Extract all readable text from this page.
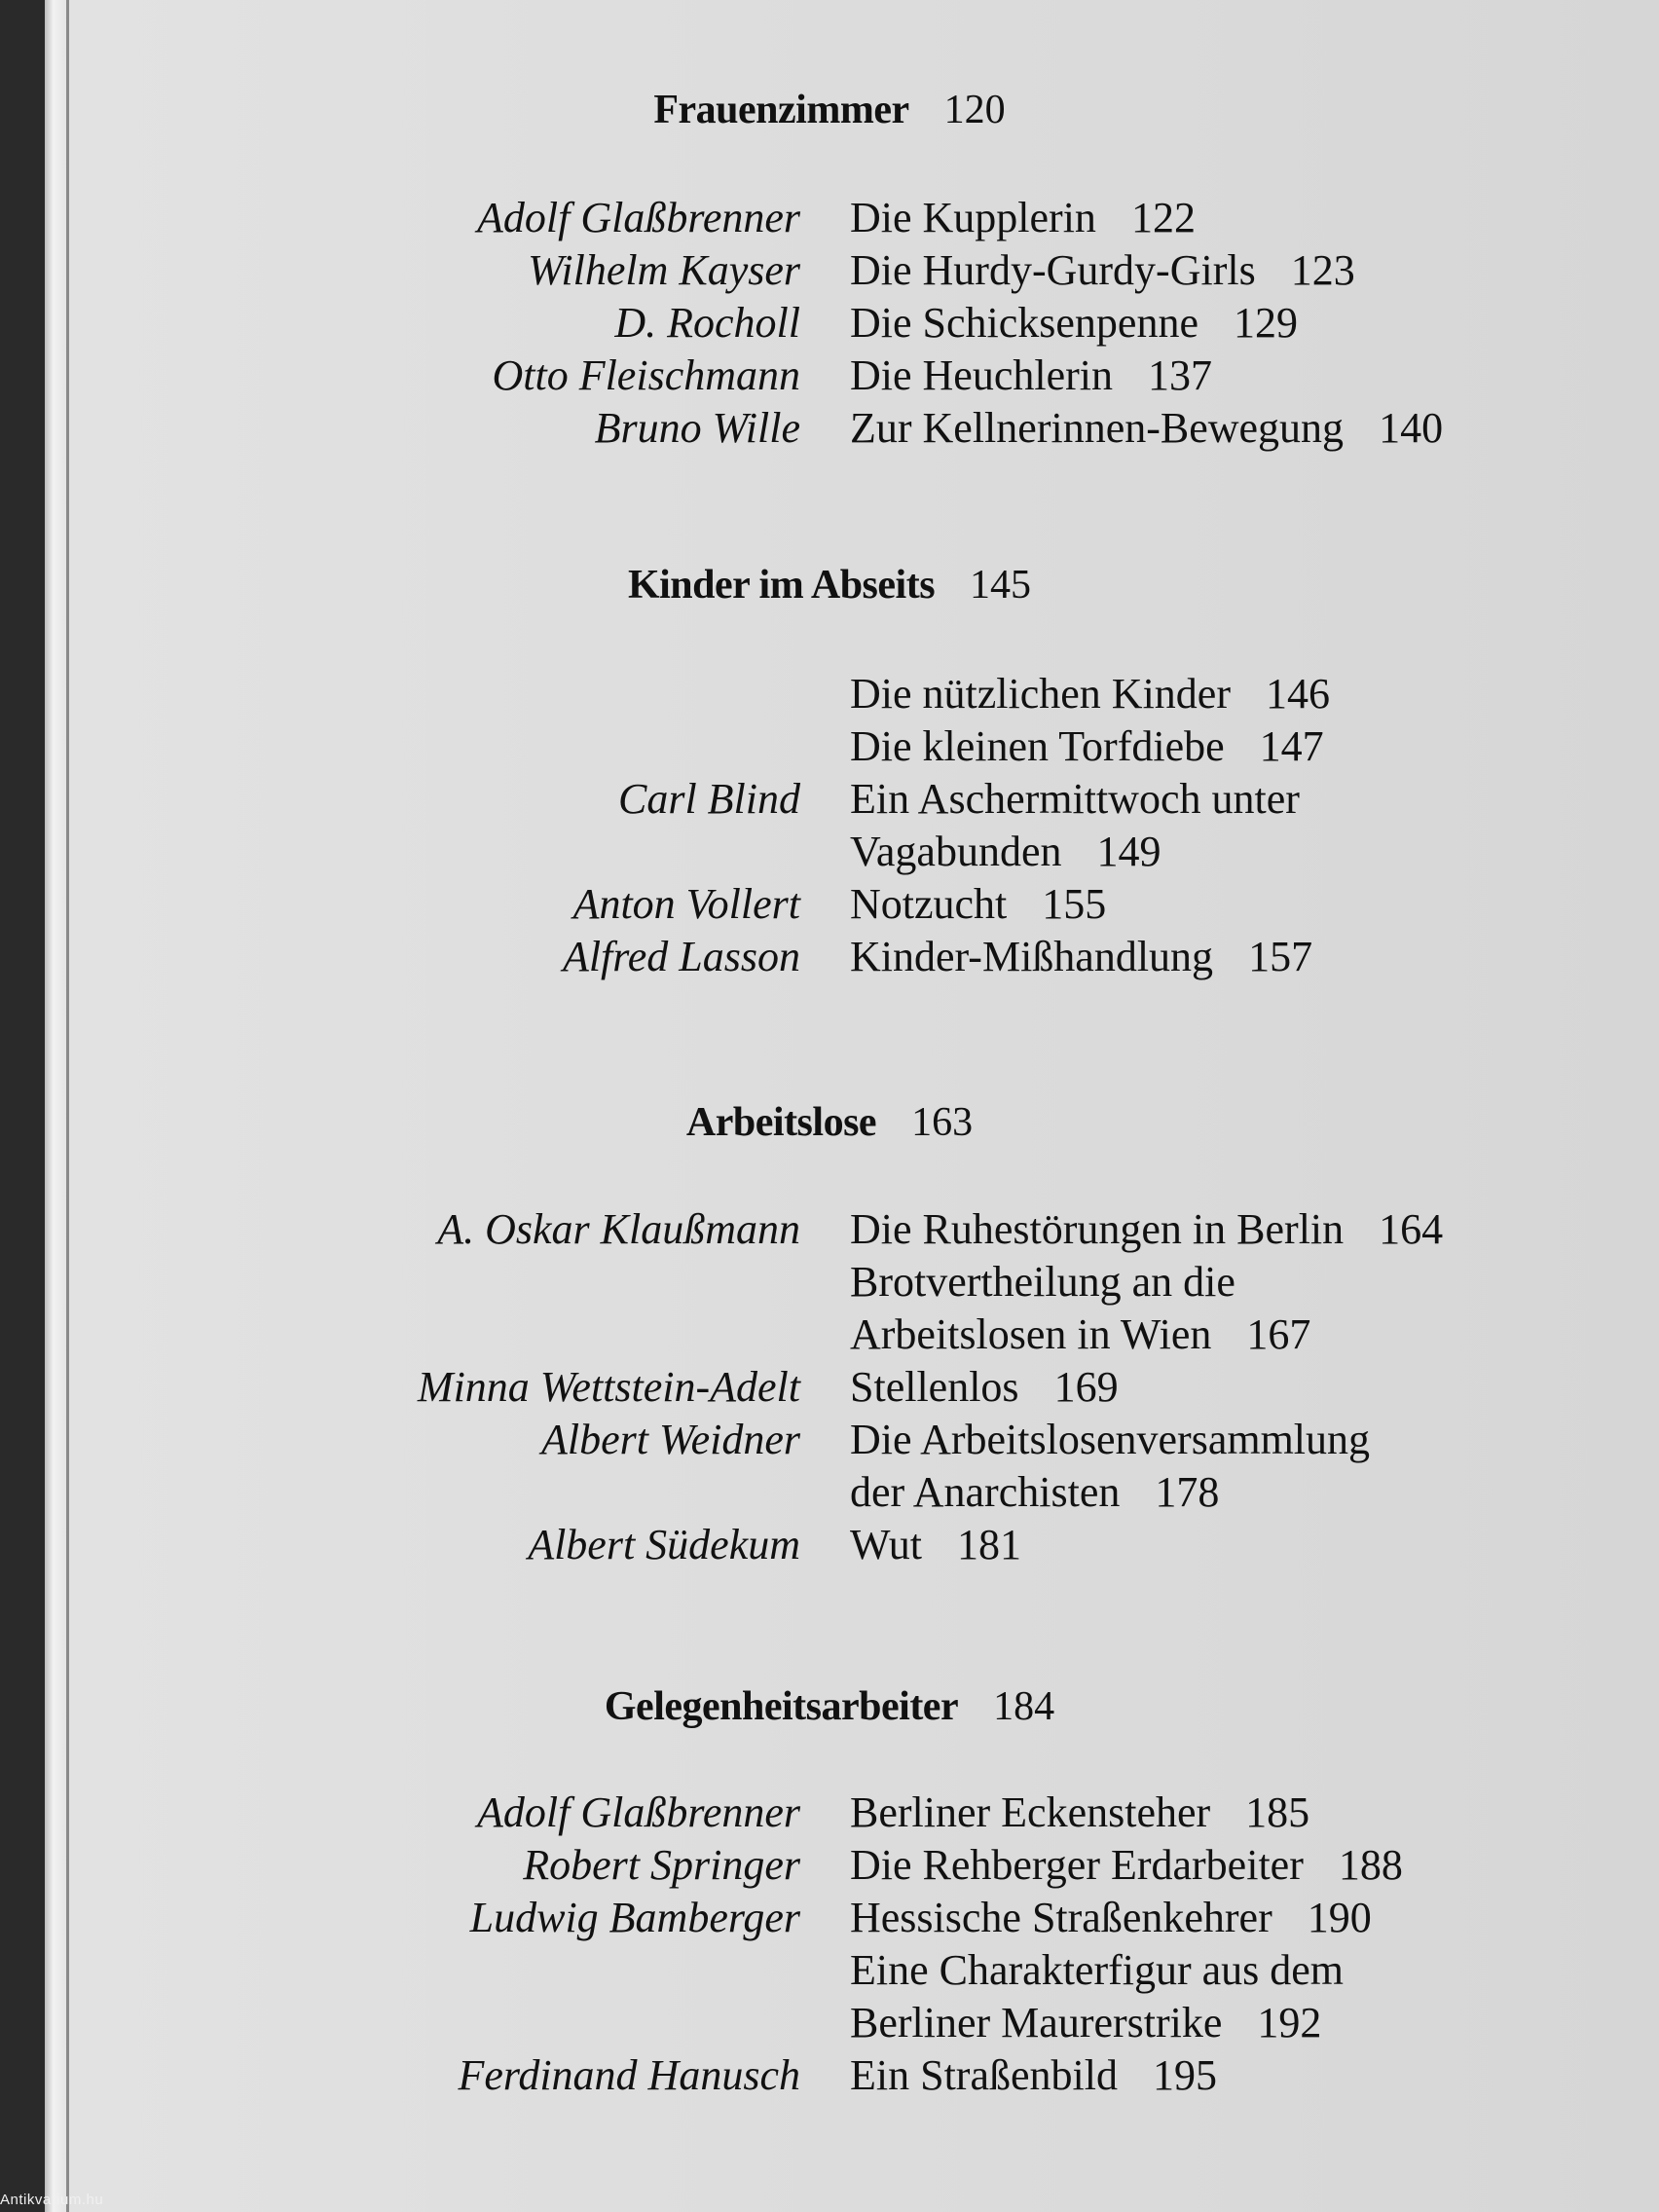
Antikvarium.hu
Frauenzimmer 120
Adolf Glaßbrenner Die Kupplerin 122
Wilhelm Kayser Die Hurdy-Gurdy-Girls 123
D. Rocholl Die Schicksenpenne 129
Otto Fleischmann Die Heuchlerin 137
Bruno Wille Zur Kellnerinnen-Bewegung 140
Kinder im Abseits 145
Die nützlichen Kinder 146
Die kleinen Torfdiebe 147
Carl Blind Ein Aschermittwoch unter
Vagabunden 149
Anton Vollert Notzucht 155
Alfred Lasson Kinder-Mißhandlung 157
Arbeitslose 163
A. Oskar Klaußmann Die Ruhestörungen in Berlin 164
Brotvertheilung an die
Arbeitslosen in Wien 167
Minna Wettstein-Adelt Stellenlos 169
Albert Weidner Die Arbeitslosenversammlung
der Anarchisten 178
Albert Südekum Wut 181
Gelegenheitsarbeiter 184
Adolf Glaßbrenner Berliner Eckensteher 185
Robert Springer Die Rehberger Erdarbeiter 188
Ludwig Bamberger Hessische Straßenkehrer 190
Eine Charakterfigur aus dem
Berliner Maurerstrike 192
Ferdinand Hanusch Ein Straßenbild 195
